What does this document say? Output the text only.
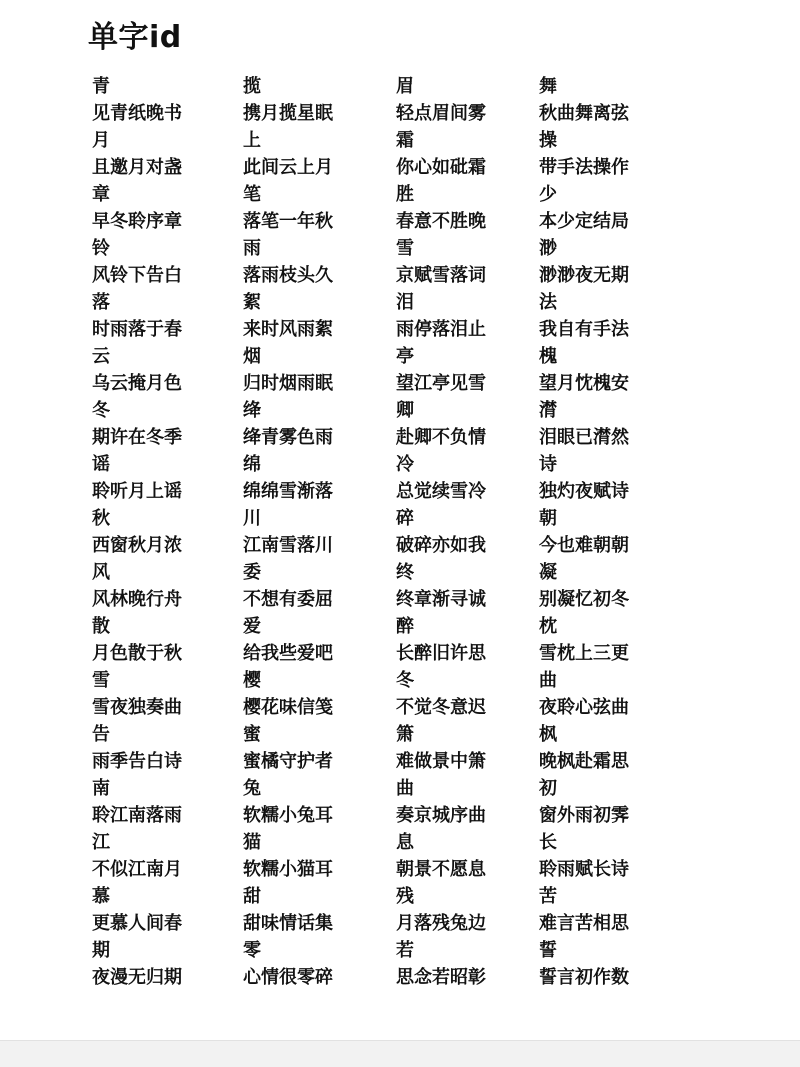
单字id
青
见青纸晚书月
且邀月对盏章
早冬聆序章铃
风铃下告白落
时雨落于春云
乌云掩月色冬
期许在冬季谣
聆听月上谣秋
西窗秋月浓风
风林晚行舟散
月色散于秋雪
雪夜独奏曲告
雨季告白诗南
聆江南落雨江
不似江南月慕
更慕人间春期
夜漫无归期
揽
携月揽星眠上
此间云上月笔
落笔一年秋雨
落雨枝头久絮
来时风雨絮烟
归时烟雨眠绛
绛青雾色雨绵
绵绵雪渐落川
江南雪落川委
不想有委屈爱
给我些爱吧樱
樱花味信笺蜜
蜜橘守护者兔
软糯小兔耳猫
软糯小猫耳甜
甜味情话集零
心情很零碎
眉
轻点眉间雾霜
你心如砒霜胜
春意不胜晚雪
京赋雪落词泪
雨停落泪止亭
望江亭见雪卿
赴卿不负情冷
总觉续雪冷碎
破碎亦如我终
终章渐寻诚醉
长醉旧许思冬
不觉冬意迟箫
难做景中箫曲
奏京城序曲息
朝景不愿息残
月落残兔边若
思念若昭彰
舞
秋曲舞离弦操
带手法操作少
本少定结局渺
渺渺夜无期法
我自有手法槐
望月忱槐安潸
泪眼已潸然诗
独灼夜赋诗朝
今也难朝朝凝
别凝忆初冬枕
雪枕上三更曲
夜聆心弦曲枫
晚枫赴霜思初
窗外雨初霁长
聆雨赋长诗苦
难言苦相思誓
誓言初作数
